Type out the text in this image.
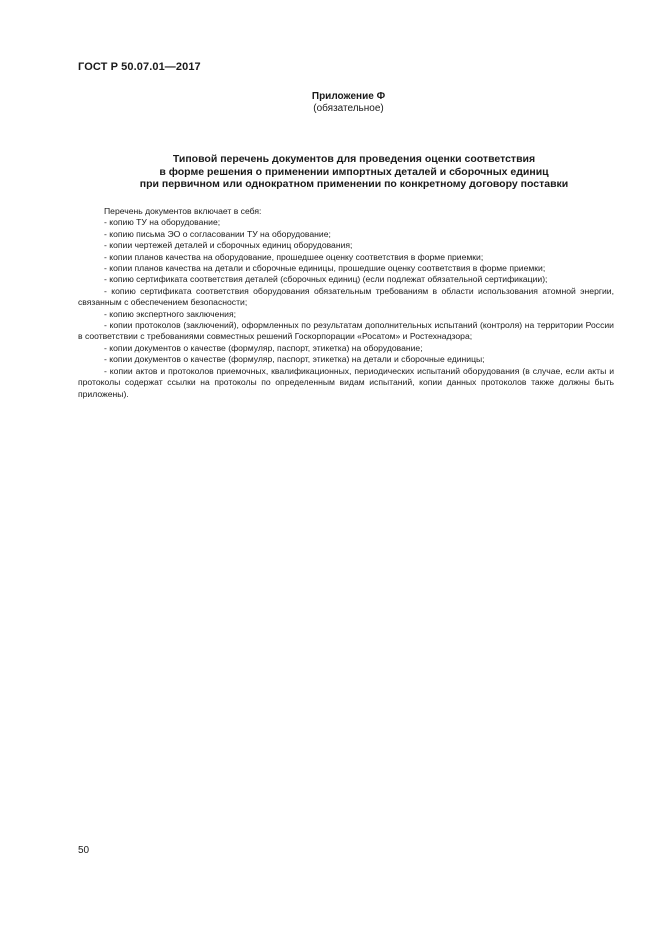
ГОСТ Р 50.07.01—2017
Приложение Ф
(обязательное)
Типовой перечень документов для проведения оценки соответствия
в форме решения о применении импортных деталей и сборочных единиц
при первичном или однократном применении по конкретному договору поставки

Перечень документов включает в себя:

- копию ТУ на оборудование;

- копию письма ЭО о согласовании ТУ на оборудование;

- копии чертежей деталей и сборочных единиц оборудования;

- копии планов качества на оборудование, прошедшее оценку соответствия в форме приемки;

- копии планов качества на детали и сборочные единицы, прошедшие оценку соответствия в форме приемки;

- копию сертификата соответствия деталей (сборочных единиц) (если подлежат обязательной сертификации);

- копию сертификата соответствия оборудования обязательным требованиям в области использования атомной энергии, связанным с обеспечением безопасности;

- копию экспертного заключения;

- копии протоколов (заключений), оформленных по результатам дополнительных испытаний (контроля) на территории России в соответствии с требованиями совместных решений Госкорпорации «Росатом» и Ростехнадзора;

- копии документов о качестве (формуляр, паспорт, этикетка) на оборудование;

- копии документов о качестве (формуляр, паспорт, этикетка) на детали и сборочные единицы;

- копии актов и протоколов приемочных, квалификационных, периодических испытаний оборудования (в случае, если акты и протоколы содержат ссылки на протоколы по определенным видам испытаний, копии данных протоколов также должны быть приложены).

50
